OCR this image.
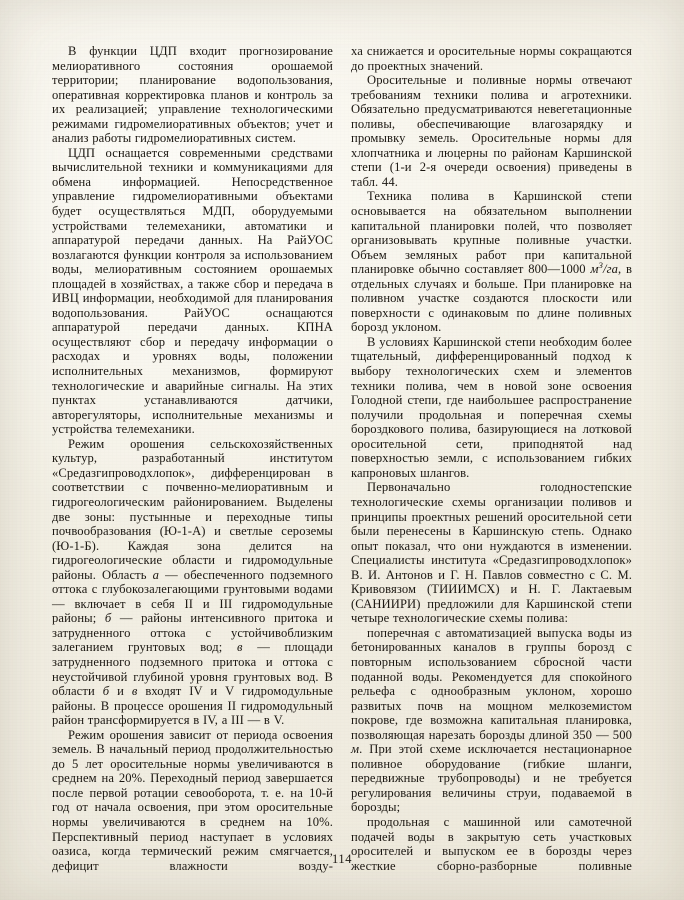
В функции ЦДП входит прогнозирование мелиоративного состояния орошаемой территории; планирование водопользования, оперативная корректировка планов и контроль за их реализацией; управление технологическими режимами гидромелиоративных объектов; учет и анализ работы гидромелиоративных систем.

ЦДП оснащается современными средствами вычислительной техники и коммуникациями для обмена информацией. Непосредственное управление гидромелиоративными объектами будет осуществляться МДП, оборудуемыми устройствами телемеханики, автоматики и аппаратурой передачи данных. На РайУОС возлагаются функции контроля за использованием воды, мелиоративным состоянием орошаемых площадей в хозяйствах, а также сбор и передача в ИВЦ информации, необходимой для планирования водопользования. РайУОС оснащаются аппаратурой передачи данных. КПНА осуществляют сбор и передачу информации о расходах и уровнях воды, положении исполнительных механизмов, формируют технологические и аварийные сигналы. На этих пунктах устанавливаются датчики, авторегуляторы, исполнительные механизмы и устройства телемеханики.

Режим орошения сельскохозяйственных культур, разработанный институтом «Средазгипроводхлопок», дифференцирован в соответствии с почвенно-мелиоративным и гидрогеологическим районированием. Выделены две зоны: пустынные и переходные типы почвообразования (Ю-1-А) и светлые сероземы (Ю-1-Б). Каждая зона делится на гидрогеологические области и гидромодульные районы. Область а — обеспеченного подземного оттока с глубокозалегающими грунтовыми водами — включает в себя II и III гидромодульные районы; б — районы интенсивного притока и затрудненного оттока с устойчивоблизким залеганием грунтовых вод; в — площади затрудненного подземного притока и оттока с неустойчивой глубиной уровня грунтовых вод. В области б и в входят IV и V гидромодульные районы. В процессе орошения II гидромодульный район трансформируется в IV, а III — в V.

Режим орошения зависит от периода освоения земель. В начальный период продолжительностью до 5 лет оросительные нормы увеличиваются в среднем на 20%. Переходный период завершается после первой ротации севооборота, т. е. на 10-й год от начала освоения, при этом оросительные нормы увеличиваются в среднем на 10%. Перспективный период наступает в условиях оазиса, когда термический режим смягчается, дефицит влажности возду-

ха снижается и оросительные нормы сокращаются до проектных значений.

Оросительные и поливные нормы отвечают требованиям техники полива и агротехники. Обязательно предусматриваются невегетационные поливы, обеспечивающие влагозарядку и промывку земель. Оросительные нормы для хлопчатника и люцерны по районам Каршинской степи (1-и 2-я очереди освоения) приведены в табл. 44.

Техника полива в Каршинской степи основывается на обязательном выполнении капитальной планировки полей, что позволяет организовывать крупные поливные участки. Объем земляных работ при капитальной планировке обычно составляет 800—1000 $м^3/га$, в отдельных случаях и больше. При планировке на поливном участке создаются плоскости или поверхности с одинаковым по длине поливных борозд уклоном.

В условиях Каршинской степи необходим более тщательный, дифференцированный подход к выбору технологических схем и элементов техники полива, чем в новой зоне освоения Голодной степи, где наибольшее распространение получили продольная и поперечная схемы бороздкового полива, базирующиеся на лотковой оросительной сети, приподнятой над поверхностью земли, с использованием гибких капроновых шлангов.

Первоначально голодностепские технологические схемы организации поливов и принципы проектных решений оросительной сети были перенесены в Каршинскую степь. Однако опыт показал, что они нуждаются в изменении. Специалисты института «Средазгипроводхлопок» В. И. Антонов и Г. Н. Павлов совместно с С. М. Кривовязом (ТИИИМСХ) и Н. Г. Лактаевым (САНИИРИ) предложили для Каршинской степи четыре технологические схемы полива:

поперечная с автоматизацией выпуска воды из бетонированных каналов в группы борозд с повторным использованием сбросной части поданной воды. Рекомендуется для спокойного рельефа с однообразным уклоном, хорошо развитых почв на мощном мелкоземистом покрове, где возможна капитальная планировка, позволяющая нарезать борозды длиной 350 — 500 м. При этой схеме исключается нестационарное поливное оборудование (гибкие шланги, передвижные трубопроводы) и не требуется регулирования величины струи, подаваемой в борозды;

продольная с машинной или самотечной подачей воды в закрытую сеть участковых оросителей и выпуском ее в борозды через жесткие сборно-разборные поливные

114
